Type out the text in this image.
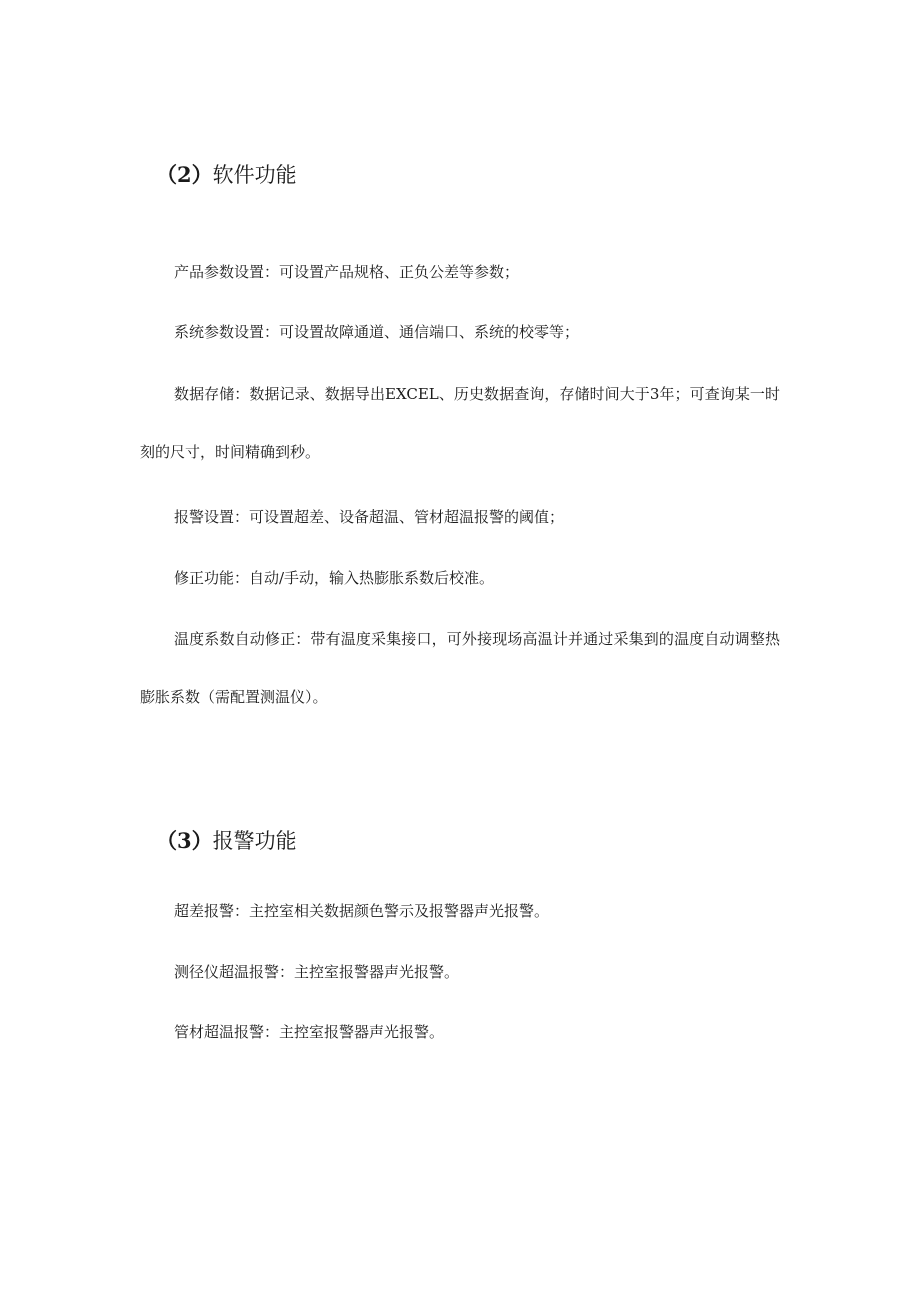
（2）软件功能

产品参数设置：可设置产品规格、正负公差等参数；

系统参数设置：可设置故障通道、通信端口、系统的校零等；

数据存储：数据记录、数据导出EXCEL、历史数据查询，存储时间大于3年；可查询某一时刻的尺寸，时间精确到秒。

报警设置：可设置超差、设备超温、管材超温报警的阈值；

修正功能：自动/手动，输入热膨胀系数后校准。

温度系数自动修正：带有温度采集接口，可外接现场高温计并通过采集到的温度自动调整热膨胀系数（需配置测温仪）。

（3）报警功能

超差报警：主控室相关数据颜色警示及报警器声光报警。

测径仪超温报警：主控室报警器声光报警。

管材超温报警：主控室报警器声光报警。
